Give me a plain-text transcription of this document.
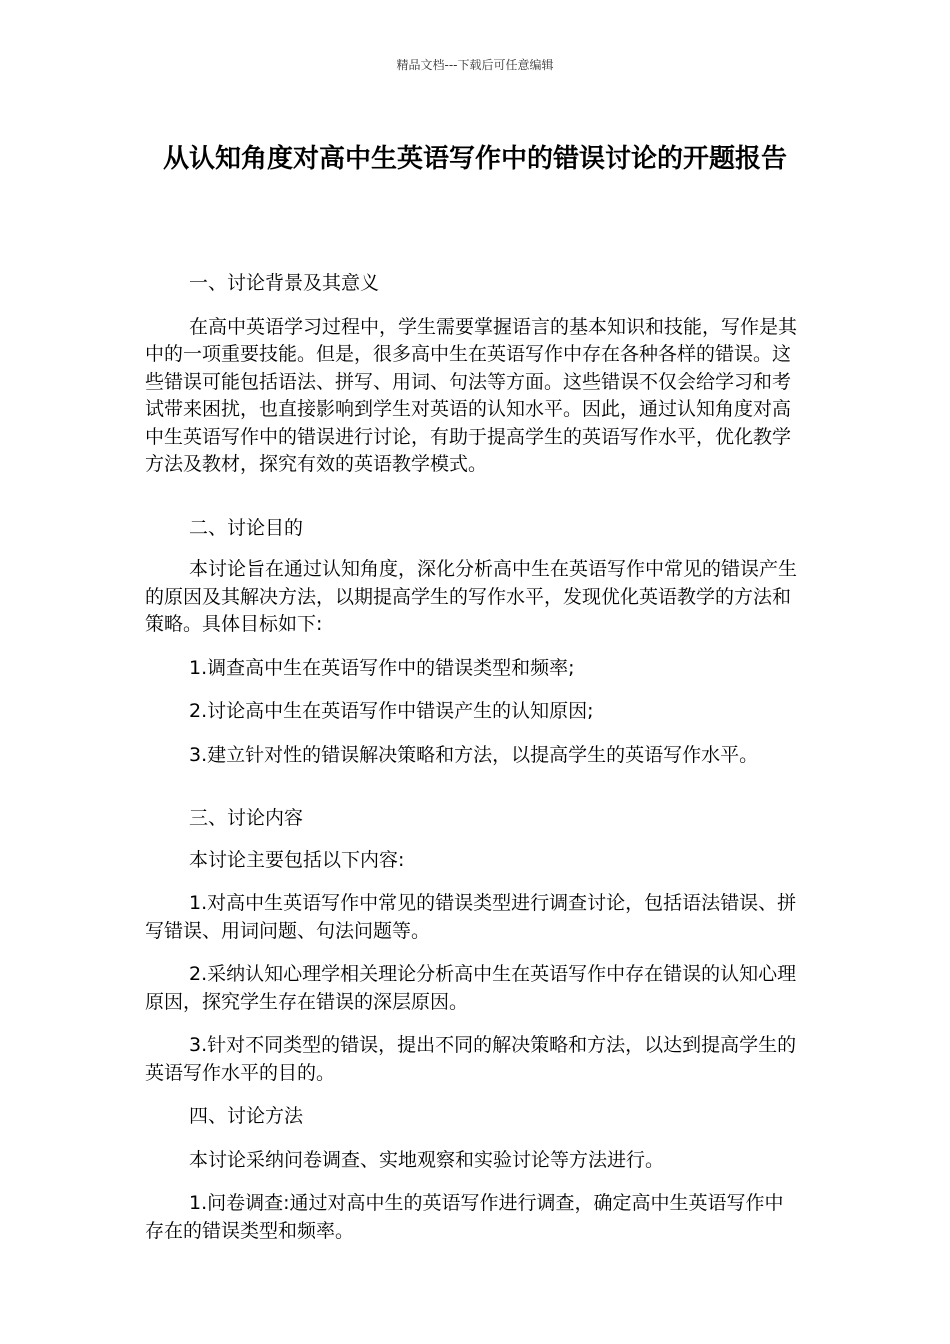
精品文档---下载后可任意编辑
从认知角度对高中生英语写作中的错误讨论的开题报告

一、讨论背景及其意义

在高中英语学习过程中，学生需要掌握语言的基本知识和技能，写作是其中的一项重要技能。但是，很多高中生在英语写作中存在各种各样的错误。这些错误可能包括语法、拼写、用词、句法等方面。这些错误不仅会给学习和考试带来困扰，也直接影响到学生对英语的认知水平。因此，通过认知角度对高中生英语写作中的错误进行讨论，有助于提高学生的英语写作水平，优化教学方法及教材，探究有效的英语教学模式。

二、讨论目的

本讨论旨在通过认知角度，深化分析高中生在英语写作中常见的错误产生的原因及其解决方法，以期提高学生的写作水平，发现优化英语教学的方法和策略。具体目标如下:

1.调查高中生在英语写作中的错误类型和频率;

2.讨论高中生在英语写作中错误产生的认知原因;

3.建立针对性的错误解决策略和方法，以提高学生的英语写作水平。

三、讨论内容

本讨论主要包括以下内容:

1.对高中生英语写作中常见的错误类型进行调查讨论，包括语法错误、拼写错误、用词问题、句法问题等。

2.采纳认知心理学相关理论分析高中生在英语写作中存在错误的认知心理原因，探究学生存在错误的深层原因。

3.针对不同类型的错误，提出不同的解决策略和方法，以达到提高学生的英语写作水平的目的。

四、讨论方法

本讨论采纳问卷调查、实地观察和实验讨论等方法进行。

1.问卷调查:通过对高中生的英语写作进行调查，确定高中生英语写作中存在的错误类型和频率。
